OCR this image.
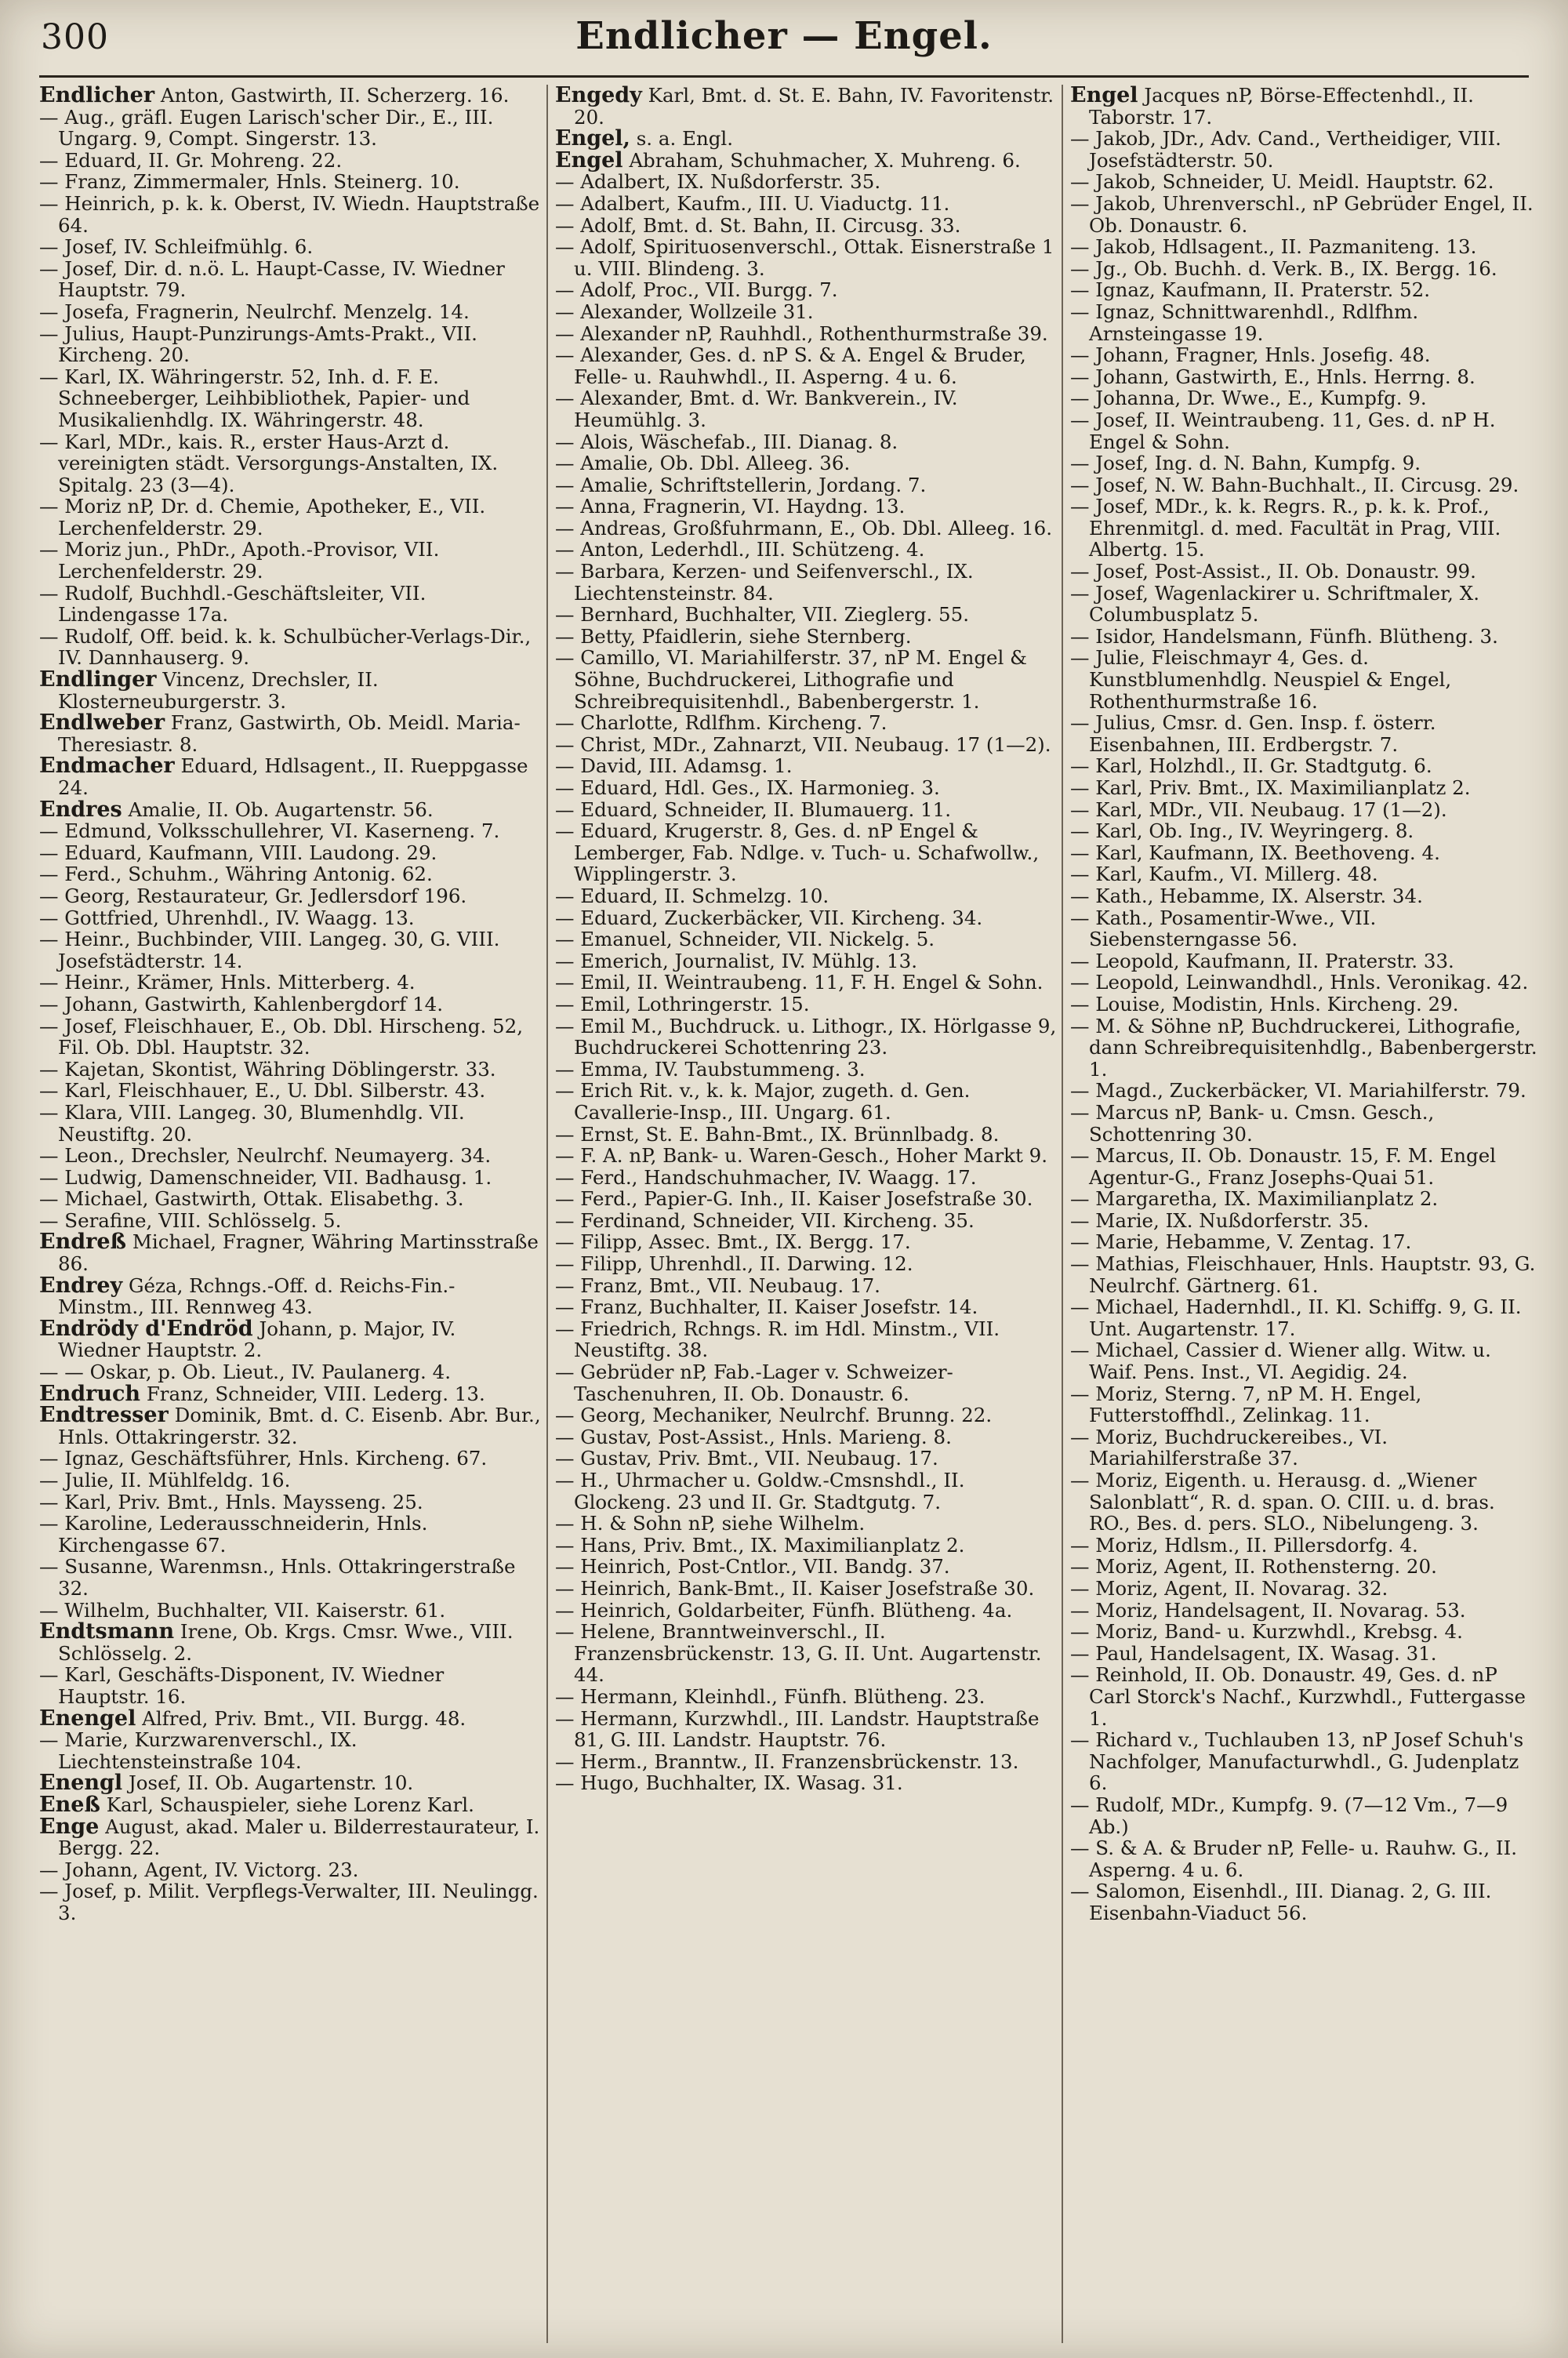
300	Endlicher — Engel.

Endlicher Anton, Gastwirth, II. Scherzerg. 16.

— Aug., gräfl. Eugen Larisch'scher Dir., E., III. Ungarg. 9, Compt. Singerstr. 13.

— Eduard, II. Gr. Mohreng. 22.

— Franz, Zimmermaler, Hnls. Steinerg. 10.

— Heinrich, p. k. k. Oberst, IV. Wiedn. Hauptstraße 64.

— Josef, IV. Schleifmühlg. 6.

— Josef, Dir. d. n.ö. L. Haupt-Casse, IV. Wiedner Hauptstr. 79.

— Josefa, Fragnerin, Neulrchf. Menzelg. 14.

— Julius, Haupt-Punzirungs-Amts-Prakt., VII. Kircheng. 20.

— Karl, IX. Währingerstr. 52, Inh. d. F. E. Schneeberger, Leihbibliothek, Papier- und Musikalienhdlg. IX. Währingerstr. 48.

— Karl, MDr., kais. R., erster Haus-Arzt d. vereinigten städt. Versorgungs-Anstalten, IX. Spitalg. 23 (3—4).

— Moriz nP, Dr. d. Chemie, Apotheker, E., VII. Lerchenfelderstr. 29.

— Moriz jun., PhDr., Apoth.-Provisor, VII. Lerchenfelderstr. 29.

— Rudolf, Buchhdl.-Geschäftsleiter, VII. Lindengasse 17a.

— Rudolf, Off. beid. k. k. Schulbücher-Verlags-Dir., IV. Dannhauserg. 9.

Endlinger Vincenz, Drechsler, II. Klosterneuburgerstr. 3.

Endlweber Franz, Gastwirth, Ob. Meidl. Maria-Theresiastr. 8.

Endmacher Eduard, Hdlsagent., II. Rueppgasse 24.

Endres Amalie, II. Ob. Augartenstr. 56.

— Edmund, Volksschullehrer, VI. Kaserneng. 7.

— Eduard, Kaufmann, VIII. Laudong. 29.

— Ferd., Schuhm., Währing Antonig. 62.

— Georg, Restaurateur, Gr. Jedlersdorf 196.

— Gottfried, Uhrenhdl., IV. Waagg. 13.

— Heinr., Buchbinder, VIII. Langeg. 30, G. VIII. Josefstädterstr. 14.

— Heinr., Krämer, Hnls. Mitterberg. 4.

— Johann, Gastwirth, Kahlenbergdorf 14.

— Josef, Fleischhauer, E., Ob. Dbl. Hirscheng. 52, Fil. Ob. Dbl. Hauptstr. 32.

— Kajetan, Skontist, Währing Döblingerstr. 33.

— Karl, Fleischhauer, E., U. Dbl. Silberstr. 43.

— Klara, VIII. Langeg. 30, Blumenhdlg. VII. Neustiftg. 20.

— Leon., Drechsler, Neulrchf. Neumayerg. 34.

— Ludwig, Damenschneider, VII. Badhausg. 1.

— Michael, Gastwirth, Ottak. Elisabethg. 3.

— Serafine, VIII. Schlösselg. 5.

Endreß Michael, Fragner, Währing Martinsstraße 86.

Endrey Géza, Rchngs.-Off. d. Reichs-Fin.-Minstm., III. Rennweg 43.

Endrödy d'Endröd Johann, p. Major, IV. Wiedner Hauptstr. 2.

— — Oskar, p. Ob. Lieut., IV. Paulanerg. 4.

Endruch Franz, Schneider, VIII. Lederg. 13.

Endtresser Dominik, Bmt. d. C. Eisenb. Abr. Bur., Hnls. Ottakringerstr. 32.

— Ignaz, Geschäftsführer, Hnls. Kircheng. 67.

— Julie, II. Mühlfeldg. 16.

— Karl, Priv. Bmt., Hnls. Maysseng. 25.

— Karoline, Lederausschneiderin, Hnls. Kirchengasse 67.

— Susanne, Warenmsn., Hnls. Ottakringerstraße 32.

— Wilhelm, Buchhalter, VII. Kaiserstr. 61.

Endtsmann Irene, Ob. Krgs. Cmsr. Wwe., VIII. Schlösselg. 2.

— Karl, Geschäfts-Disponent, IV. Wiedner Hauptstr. 16.

Enengel Alfred, Priv. Bmt., VII. Burgg. 48.

— Marie, Kurzwarenverschl., IX. Liechtensteinstraße 104.

Enengl Josef, II. Ob. Augartenstr. 10.

Eneß Karl, Schauspieler, siehe Lorenz Karl.

Enge August, akad. Maler u. Bilderrestaurateur, I. Bergg. 22.

— Johann, Agent, IV. Victorg. 23.

— Josef, p. Milit. Verpflegs-Verwalter, III. Neulingg. 3.

Engedy Karl, Bmt. d. St. E. Bahn, IV. Favoritenstr. 20.

Engel, s. a. Engl.

Engel Abraham, Schuhmacher, X. Muhreng. 6.

— Adalbert, IX. Nußdorferstr. 35.

— Adalbert, Kaufm., III. U. Viaductg. 11.

— Adolf, Bmt. d. St. Bahn, II. Circusg. 33.

— Adolf, Spirituosenverschl., Ottak. Eisnerstraße 1 u. VIII. Blindeng. 3.

— Adolf, Proc., VII. Burgg. 7.

— Alexander, Wollzeile 31.

— Alexander nP, Rauhhdl., Rothenthurmstraße 39.

— Alexander, Ges. d. nP S. & A. Engel & Bruder, Felle- u. Rauhwhdl., II. Asperng. 4 u. 6.

— Alexander, Bmt. d. Wr. Bankverein., IV. Heumühlg. 3.

— Alois, Wäschefab., III. Dianag. 8.

— Amalie, Ob. Dbl. Alleeg. 36.

— Amalie, Schriftstellerin, Jordang. 7.

— Anna, Fragnerin, VI. Haydng. 13.

— Andreas, Großfuhrmann, E., Ob. Dbl. Alleeg. 16.

— Anton, Lederhdl., III. Schützeng. 4.

— Barbara, Kerzen- und Seifenverschl., IX. Liechtensteinstr. 84.

— Bernhard, Buchhalter, VII. Zieglerg. 55.

— Betty, Pfaidlerin, siehe Sternberg.

— Camillo, VI. Mariahilferstr. 37, nP M. Engel & Söhne, Buchdruckerei, Lithografie und Schreibrequisitenhdl., Babenbergerstr. 1.

— Charlotte, Rdlfhm. Kircheng. 7.

— Christ, MDr., Zahnarzt, VII. Neubaug. 17 (1—2).

— David, III. Adamsg. 1.

— Eduard, Hdl. Ges., IX. Harmonieg. 3.

— Eduard, Schneider, II. Blumauerg. 11.

— Eduard, Krugerstr. 8, Ges. d. nP Engel & Lemberger, Fab. Ndlge. v. Tuch- u. Schafwollw., Wipplingerstr. 3.

— Eduard, II. Schmelzg. 10.

— Eduard, Zuckerbäcker, VII. Kircheng. 34.

— Emanuel, Schneider, VII. Nickelg. 5.

— Emerich, Journalist, IV. Mühlg. 13.

— Emil, II. Weintraubeng. 11, F. H. Engel & Sohn.

— Emil, Lothringerstr. 15.

— Emil M., Buchdruck. u. Lithogr., IX. Hörlgasse 9, Buchdruckerei Schottenring 23.

— Emma, IV. Taubstummeng. 3.

— Erich Rit. v., k. k. Major, zugeth. d. Gen. Cavallerie-Insp., III. Ungarg. 61.

— Ernst, St. E. Bahn-Bmt., IX. Brünnlbadg. 8.

— F. A. nP, Bank- u. Waren-Gesch., Hoher Markt 9.

— Ferd., Handschuhmacher, IV. Waagg. 17.

— Ferd., Papier-G. Inh., II. Kaiser Josefstraße 30.

— Ferdinand, Schneider, VII. Kircheng. 35.

— Filipp, Assec. Bmt., IX. Bergg. 17.

— Filipp, Uhrenhdl., II. Darwing. 12.

— Franz, Bmt., VII. Neubaug. 17.

— Franz, Buchhalter, II. Kaiser Josefstr. 14.

— Friedrich, Rchngs. R. im Hdl. Minstm., VII. Neustiftg. 38.

— Gebrüder nP, Fab.-Lager v. Schweizer-Taschenuhren, II. Ob. Donaustr. 6.

— Georg, Mechaniker, Neulrchf. Brunng. 22.

— Gustav, Post-Assist., Hnls. Marieng. 8.

— Gustav, Priv. Bmt., VII. Neubaug. 17.

— H., Uhrmacher u. Goldw.-Cmsnshdl., II. Glockeng. 23 und II. Gr. Stadtgutg. 7.

— H. & Sohn nP, siehe Wilhelm.

— Hans, Priv. Bmt., IX. Maximilianplatz 2.

— Heinrich, Post-Cntlor., VII. Bandg. 37.

— Heinrich, Bank-Bmt., II. Kaiser Josefstraße 30.

— Heinrich, Goldarbeiter, Fünfh. Blütheng. 4a.

— Helene, Branntweinverschl., II. Franzensbrückenstr. 13, G. II. Unt. Augartenstr. 44.

— Hermann, Kleinhdl., Fünfh. Blütheng. 23.

— Hermann, Kurzwhdl., III. Landstr. Hauptstraße 81, G. III. Landstr. Hauptstr. 76.

— Herm., Branntw., II. Franzensbrückenstr. 13.

— Hugo, Buchhalter, IX. Wasag. 31.

Engel Jacques nP, Börse-Effectenhdl., II. Taborstr. 17.

— Jakob, JDr., Adv. Cand., Vertheidiger, VIII. Josefstädterstr. 50.

— Jakob, Schneider, U. Meidl. Hauptstr. 62.

— Jakob, Uhrenverschl., nP Gebrüder Engel, II. Ob. Donaustr. 6.

— Jakob, Hdlsagent., II. Pazmaniteng. 13.

— Jg., Ob. Buchh. d. Verk. B., IX. Bergg. 16.

— Ignaz, Kaufmann, II. Praterstr. 52.

— Ignaz, Schnittwarenhdl., Rdlfhm. Arnsteingasse 19.

— Johann, Fragner, Hnls. Josefig. 48.

— Johann, Gastwirth, E., Hnls. Herrng. 8.

— Johanna, Dr. Wwe., E., Kumpfg. 9.

— Josef, II. Weintraubeng. 11, Ges. d. nP H. Engel & Sohn.

— Josef, Ing. d. N. Bahn, Kumpfg. 9.

— Josef, N. W. Bahn-Buchhalt., II. Circusg. 29.

— Josef, MDr., k. k. Regrs. R., p. k. k. Prof., Ehrenmitgl. d. med. Facultät in Prag, VIII. Albertg. 15.

— Josef, Post-Assist., II. Ob. Donaustr. 99.

— Josef, Wagenlackirer u. Schriftmaler, X. Columbusplatz 5.

— Isidor, Handelsmann, Fünfh. Blütheng. 3.

— Julie, Fleischmayr 4, Ges. d. Kunstblumenhdlg. Neuspiel & Engel, Rothenthurmstraße 16.

— Julius, Cmsr. d. Gen. Insp. f. österr. Eisenbahnen, III. Erdbergstr. 7.

— Karl, Holzhdl., II. Gr. Stadtgutg. 6.

— Karl, Priv. Bmt., IX. Maximilianplatz 2.

— Karl, MDr., VII. Neubaug. 17 (1—2).

— Karl, Ob. Ing., IV. Weyringerg. 8.

— Karl, Kaufmann, IX. Beethoveng. 4.

— Karl, Kaufm., VI. Millerg. 48.

— Kath., Hebamme, IX. Alserstr. 34.

— Kath., Posamentir-Wwe., VII. Siebensterngasse 56.

— Leopold, Kaufmann, II. Praterstr. 33.

— Leopold, Leinwandhdl., Hnls. Veronikag. 42.

— Louise, Modistin, Hnls. Kircheng. 29.

— M. & Söhne nP, Buchdruckerei, Lithografie, dann Schreibrequisitenhdlg., Babenbergerstr. 1.

— Magd., Zuckerbäcker, VI. Mariahilferstr. 79.

— Marcus nP, Bank- u. Cmsn. Gesch., Schottenring 30.

— Marcus, II. Ob. Donaustr. 15, F. M. Engel Agentur-G., Franz Josephs-Quai 51.

— Margaretha, IX. Maximilianplatz 2.

— Marie, IX. Nußdorferstr. 35.

— Marie, Hebamme, V. Zentag. 17.

— Mathias, Fleischhauer, Hnls. Hauptstr. 93, G. Neulrchf. Gärtnerg. 61.

— Michael, Hadernhdl., II. Kl. Schiffg. 9, G. II. Unt. Augartenstr. 17.

— Michael, Cassier d. Wiener allg. Witw. u. Waif. Pens. Inst., VI. Aegidig. 24.

— Moriz, Sterng. 7, nP M. H. Engel, Futterstoffhdl., Zelinkag. 11.

— Moriz, Buchdruckereibes., VI. Mariahilferstraße 37.

— Moriz, Eigenth. u. Herausg. d. „Wiener Salonblatt“, R. d. span. O. CIII. u. d. bras. RO., Bes. d. pers. SLO., Nibelungeng. 3.

— Moriz, Hdlsm., II. Pillersdorfg. 4.

— Moriz, Agent, II. Rothensterng. 20.

— Moriz, Agent, II. Novarag. 32.

— Moriz, Handelsagent, II. Novarag. 53.

— Moriz, Band- u. Kurzwhdl., Krebsg. 4.

— Paul, Handelsagent, IX. Wasag. 31.

— Reinhold, II. Ob. Donaustr. 49, Ges. d. nP Carl Storck's Nachf., Kurzwhdl., Futtergasse 1.

— Richard v., Tuchlauben 13, nP Josef Schuh's Nachfolger, Manufacturwhdl., G. Judenplatz 6.

— Rudolf, MDr., Kumpfg. 9. (7—12 Vm., 7—9 Ab.)

— S. & A. & Bruder nP, Felle- u. Rauhw. G., II. Asperng. 4 u. 6.

— Salomon, Eisenhdl., III. Dianag. 2, G. III. Eisenbahn-Viaduct 56.
